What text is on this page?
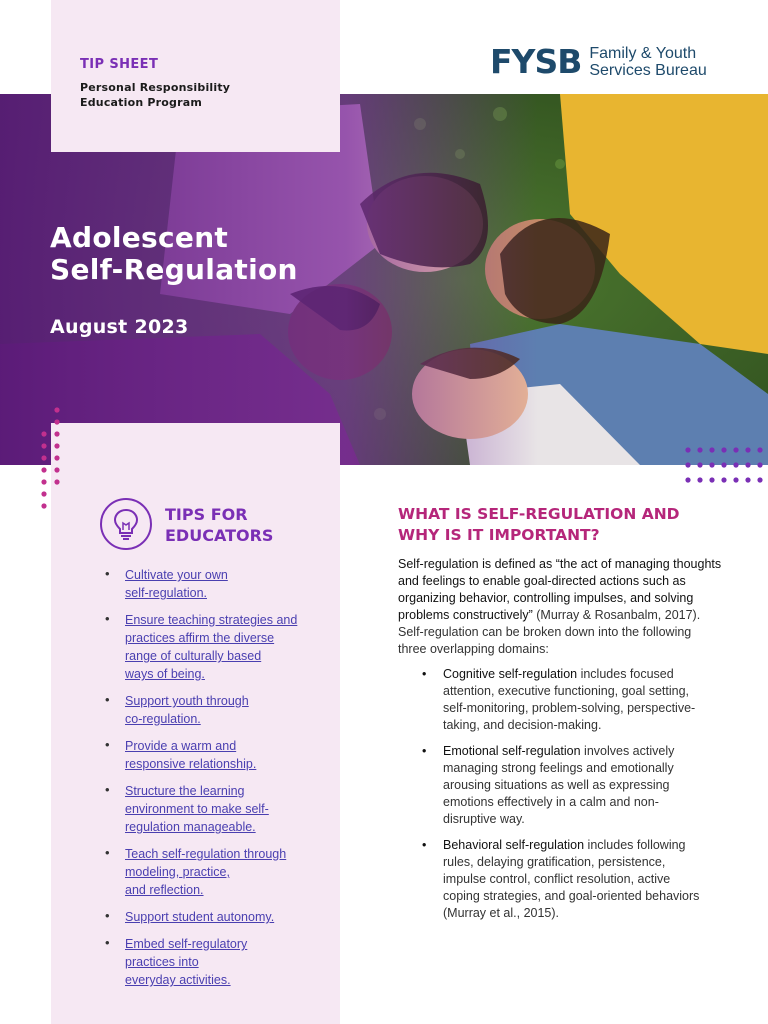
TIP SHEET
Personal Responsibility Education Program
FYSB Family & Youth
Services Bureau
Adolescent
Self-Regulation
August 2023
TIPS FOR
EDUCATORS
• Cultivate your own
self-regulation.
• Ensure teaching strategies and
practices affirm the diverse
range of culturally based
ways of being.
• Support youth through
co-regulation.
• Provide a warm and
responsive relationship.
• Structure the learning
environment to make self-
regulation manageable.
• Teach self-regulation through
modeling, practice,
and reflection.
• Support student autonomy.
• Embed self-regulatory
practices into
everyday activities.
WHAT IS SELF-REGULATION AND WHY IS IT IMPORTANT?

Self-regulation is defined as “the act of managing thoughts and feelings to enable goal-directed actions such as organizing behavior, controlling impulses, and solving problems constructively” (Murray & Rosanbalm, 2017). Self-regulation can be broken down into the following three overlapping domains:

• Cognitive self-regulation includes focused attention, executive functioning, goal setting, self-monitoring, problem-solving, perspective-taking, and decision-making.
• Emotional self-regulation involves actively managing strong feelings and emotionally arousing situations as well as expressing emotions effectively in a calm and non-disruptive way.
• Behavioral self-regulation includes following rules, delaying gratification, persistence, impulse control, conflict resolution, active coping strategies, and goal-oriented behaviors (Murray et al., 2015).
